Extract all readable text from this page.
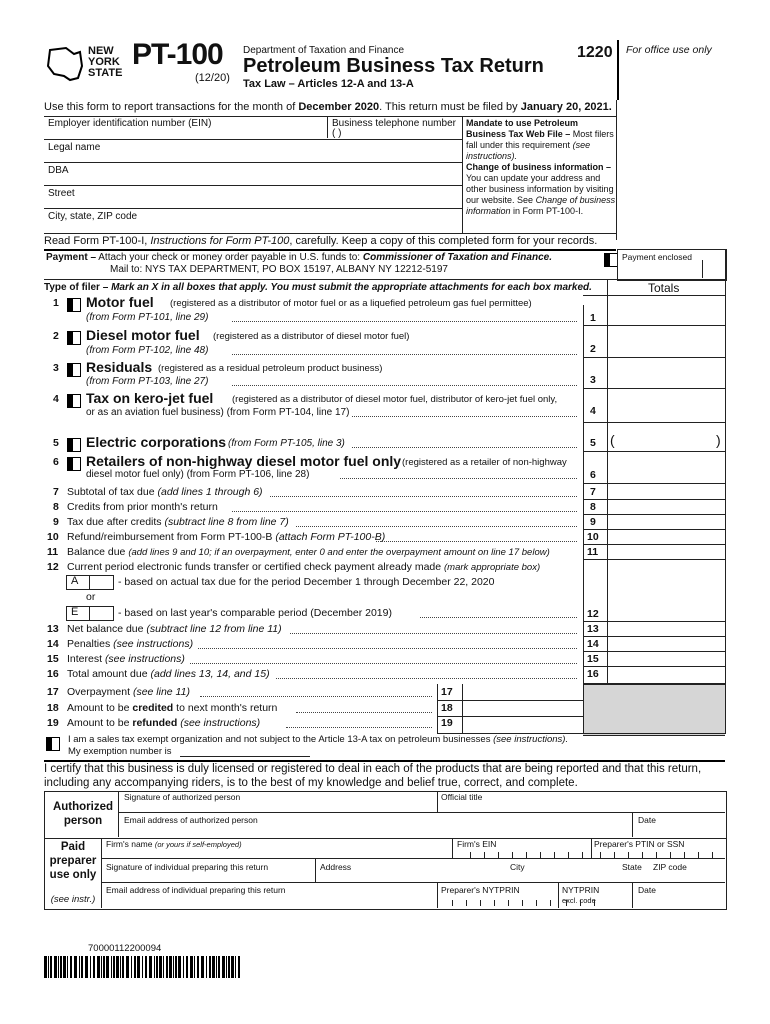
NEW
YORK
STATE
PT-100
(12/20)
Department of Taxation and Finance
Petroleum Business Tax Return
Tax Law – Articles 12-A and 13-A
1220 For office use only
Use this form to report transactions for the month of December 2020. This return must be filed by January 20, 2021.
Employer identification number (EIN)	Business telephone number
( )
Legal name
DBA
Street
City, state, ZIP code
Mandate to use Petroleum Business Tax Web File – Most filers fall under this requirement (see instructions).
Change of business information – You can update your address and other business information by visiting our website. See Change of business information in Form PT-100-I.
Read Form PT-100-I, Instructions for Form PT-100, carefully. Keep a copy of this completed form for your records.
Payment – Attach your check or money order payable in U.S. funds to: Commissioner of Taxation and Finance.
Mail to: NYS TAX DEPARTMENT, PO BOX 15197, ALBANY NY 12212-5197
Payment enclosed
Type of filer – Mark an X in all boxes that apply. You must submit the appropriate attachments for each box marked.	Totals
1 Motor fuel (registered as a distributor of motor fuel or as a liquefied petroleum gas fuel permittee)
(from Form PT-101, line 29)	1
2 Diesel motor fuel (registered as a distributor of diesel motor fuel)
(from Form PT-102, line 48)	2
3 Residuals (registered as a residual petroleum product business)
(from Form PT-103, line 27)	3
4 Tax on kero-jet fuel (registered as a distributor of diesel motor fuel, distributor of kero-jet fuel only,
or as an aviation fuel business) (from Form PT-104, line 17)	4
5 Electric corporations (from Form PT-105, line 3)	5 (	)
6 Retailers of non-highway diesel motor fuel only (registered as a retailer of non-highway
diesel motor fuel only) (from Form PT-106, line 28)	6
7 Subtotal of tax due (add lines 1 through 6)	7
8 Credits from prior month's return	8
9 Tax due after credits (subtract line 8 from line 7)	9
10 Refund/reimbursement from Form PT-100-B (attach Form PT-100-B)	10
11 Balance due (add lines 9 and 10; if an overpayment, enter 0 and enter the overpayment amount on line 17 below)	11
12 Current period electronic funds transfer or certified check payment already made (mark appropriate box)
A	- based on actual tax due for the period December 1 through December 22, 2020
or
E	- based on last year's comparable period (December 2019)	12
13 Net balance due (subtract line 12 from line 11)	13
14 Penalties (see instructions)	14
15 Interest (see instructions)	15
16 Total amount due (add lines 13, 14, and 15)	16
17 Overpayment (see line 11)	17
18 Amount to be credited to next month's return	18
19 Amount to be refunded (see instructions)	19
I am a sales tax exempt organization and not subject to the Article 13-A tax on petroleum businesses (see instructions).
My exemption number is
I certify that this business is duly licensed or registered to deal in each of the products that are being reported and that this return, including any accompanying riders, is to the best of my knowledge and belief true, correct, and complete.
Authorized person
Signature of authorized person	Official title
Email address of authorized person	Date
Paid preparer use only
(see instr.)
Firm's name (or yours if self-employed)	Firm's EIN	Preparer's PTIN or SSN
Signature of individual preparing this return	Address	City	State ZIP code
Email address of individual preparing this return	Preparer's NYTPRIN	NYTPRIN
excl. code
Date
70000112200094
